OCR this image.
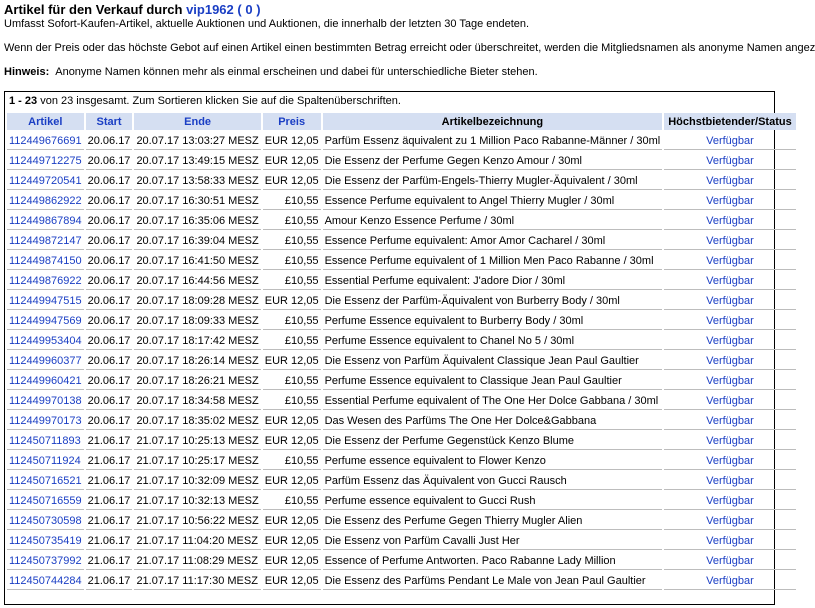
Artikel für den Verkauf durch vip1962 ( 0 )
Umfasst Sofort-Kaufen-Artikel, aktuelle Auktionen und Auktionen, die innerhalb der letzten 30 Tage endeten.
Wenn der Preis oder das höchste Gebot auf einen Artikel einen bestimmten Betrag erreicht oder überschreitet, werden die Mitgliedsnamen als anonyme Namen angez
Hinweis: Anonyme Namen können mehr als einmal erscheinen und dabei für unterschiedliche Bieter stehen.
1 - 23 von 23 insgesamt. Zum Sortieren klicken Sie auf die Spaltenüberschriften.
Artikel	Start	Ende	Preis	Artikelbezeichnung	Höchstbietender/Status
112449676691	20.06.17	20.07.17 13:03:27 MESZ	EUR 12,05	Parfüm Essenz äquivalent zu 1 Million Paco Rabanne-Männer / 30ml	Verfügbar
112449712275	20.06.17	20.07.17 13:49:15 MESZ	EUR 12,05	Die Essenz der Perfume Gegen Kenzo Amour / 30ml	Verfügbar
112449720541	20.06.17	20.07.17 13:58:33 MESZ	EUR 12,05	Die Essenz der Parfüm-Engels-Thierry Mugler-Äquivalent / 30ml	Verfügbar
112449862922	20.06.17	20.07.17 16:30:51 MESZ	£10,55	Essence Perfume equivalent to Angel Thierry Mugler / 30ml	Verfügbar
112449867894	20.06.17	20.07.17 16:35:06 MESZ	£10,55	Amour Kenzo Essence Perfume / 30ml	Verfügbar
112449872147	20.06.17	20.07.17 16:39:04 MESZ	£10,55	Essence Perfume equivalent: Amor Amor Cacharel / 30ml	Verfügbar
112449874150	20.06.17	20.07.17 16:41:50 MESZ	£10,55	Essence Perfume equivalent of 1 Million Men Paco Rabanne / 30ml	Verfügbar
112449876922	20.06.17	20.07.17 16:44:56 MESZ	£10,55	Essential Perfume equivalent: J'adore Dior / 30ml	Verfügbar
112449947515	20.06.17	20.07.17 18:09:28 MESZ	EUR 12,05	Die Essenz der Parfüm-Äquivalent von Burberry Body / 30ml	Verfügbar
112449947569	20.06.17	20.07.17 18:09:33 MESZ	£10,55	Perfume Essence equivalent to Burberry Body / 30ml	Verfügbar
112449953404	20.06.17	20.07.17 18:17:42 MESZ	£10,55	Perfume Essence equivalent to Chanel No 5 / 30ml	Verfügbar
112449960377	20.06.17	20.07.17 18:26:14 MESZ	EUR 12,05	Die Essenz von Parfüm Äquivalent Classique Jean Paul Gaultier	Verfügbar
112449960421	20.06.17	20.07.17 18:26:21 MESZ	£10,55	Perfume Essence equivalent to Classique Jean Paul Gaultier	Verfügbar
112449970138	20.06.17	20.07.17 18:34:58 MESZ	£10,55	Essential Perfume equivalent of The One Her Dolce Gabbana / 30ml	Verfügbar
112449970173	20.06.17	20.07.17 18:35:02 MESZ	EUR 12,05	Das Wesen des Parfüms The One Her Dolce&Gabbana	Verfügbar
112450711893	21.06.17	21.07.17 10:25:13 MESZ	EUR 12,05	Die Essenz der Perfume Gegenstück Kenzo Blume	Verfügbar
112450711924	21.06.17	21.07.17 10:25:17 MESZ	£10,55	Perfume essence equivalent to Flower Kenzo	Verfügbar
112450716521	21.06.17	21.07.17 10:32:09 MESZ	EUR 12,05	Parfüm Essenz das Äquivalent von Gucci Rausch	Verfügbar
112450716559	21.06.17	21.07.17 10:32:13 MESZ	£10,55	Perfume essence equivalent to Gucci Rush	Verfügbar
112450730598	21.06.17	21.07.17 10:56:22 MESZ	EUR 12,05	Die Essenz des Perfume Gegen Thierry Mugler Alien	Verfügbar
112450735419	21.06.17	21.07.17 11:04:20 MESZ	EUR 12,05	Die Essenz von Parfüm Cavalli Just Her	Verfügbar
112450737992	21.06.17	21.07.17 11:08:29 MESZ	EUR 12,05	Essence of Perfume Antworten. Paco Rabanne Lady Million	Verfügbar
112450744284	21.06.17	21.07.17 11:17:30 MESZ	EUR 12,05	Die Essenz des Parfüms Pendant Le Male von Jean Paul Gaultier	Verfügbar
